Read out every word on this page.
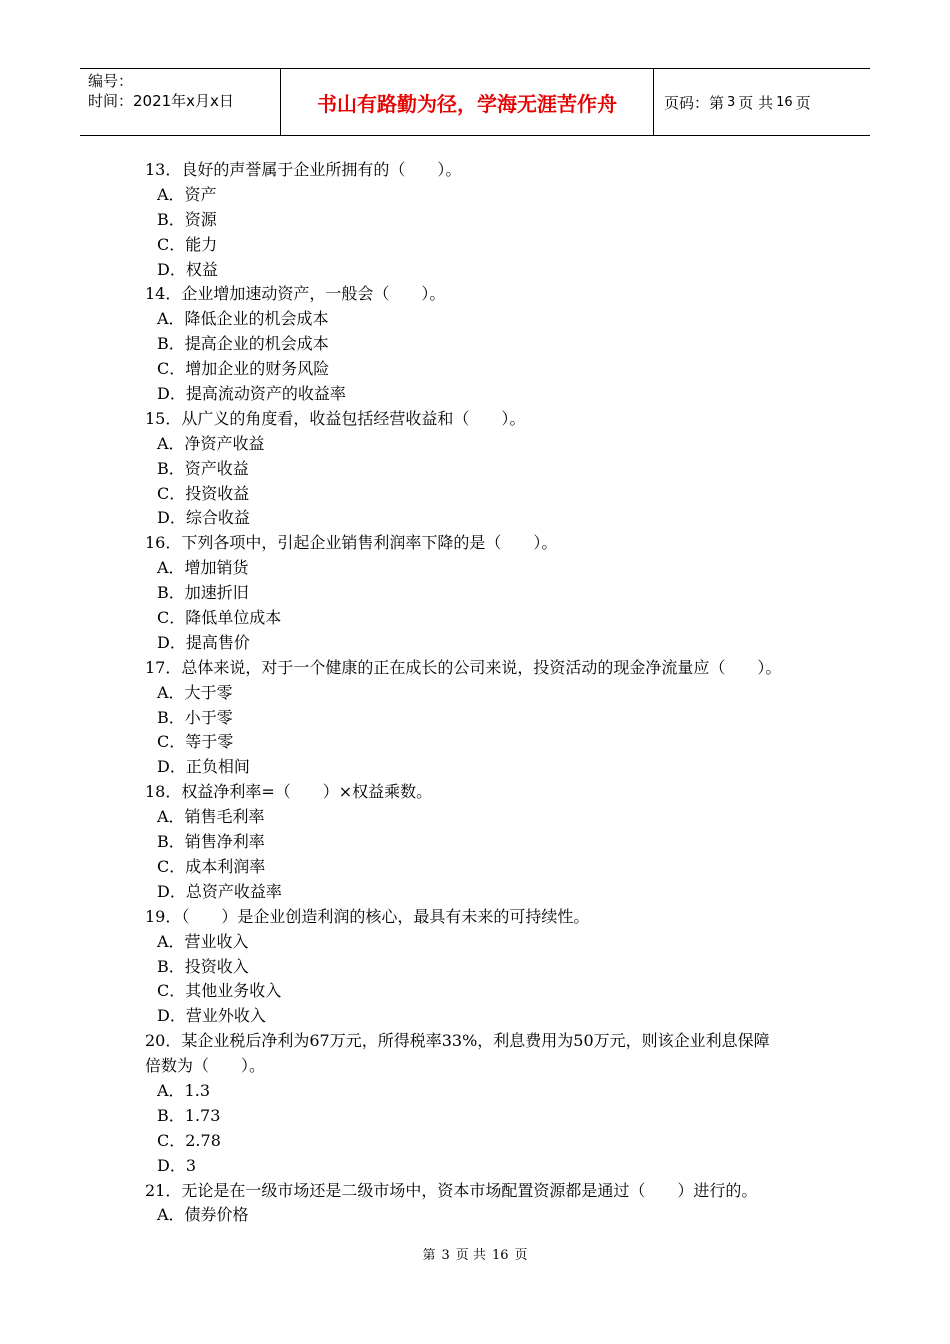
编号：
时间：2021年x月x日	书山有路勤为径，学海无涯苦作舟	页码：第 3 页 共 16 页
13．良好的声誉属于企业所拥有的（　　）。
A．资产
B．资源
C．能力
D．权益
14．企业增加速动资产，一般会（　　）。
A．降低企业的机会成本
B．提高企业的机会成本
C．增加企业的财务风险
D．提高流动资产的收益率
15．从广义的角度看，收益包括经营收益和（　　）。
A．净资产收益
B．资产收益
C．投资收益
D．综合收益
16．下列各项中，引起企业销售利润率下降的是（　　）。
A．增加销货
B．加速折旧
C．降低单位成本
D．提高售价
17．总体来说，对于一个健康的正在成长的公司来说，投资活动的现金净流量应（　　）。
A．大于零
B．小于零
C．等于零
D．正负相间
18．权益净利率=（　　）×权益乘数。
A．销售毛利率
B．销售净利率
C．成本利润率
D．总资产收益率
19．（　　）是企业创造利润的核心，最具有未来的可持续性。
A．营业收入
B．投资收入
C．其他业务收入
D．营业外收入
20．某企业税后净利为67万元，所得税率33%，利息费用为50万元，则该企业利息保障
倍数为（　　）。
A．1.3
B．1.73
C．2.78
D．3
21．无论是在一级市场还是二级市场中，资本市场配置资源都是通过（　　）进行的。
A．债券价格
第 3 页 共 16 页
